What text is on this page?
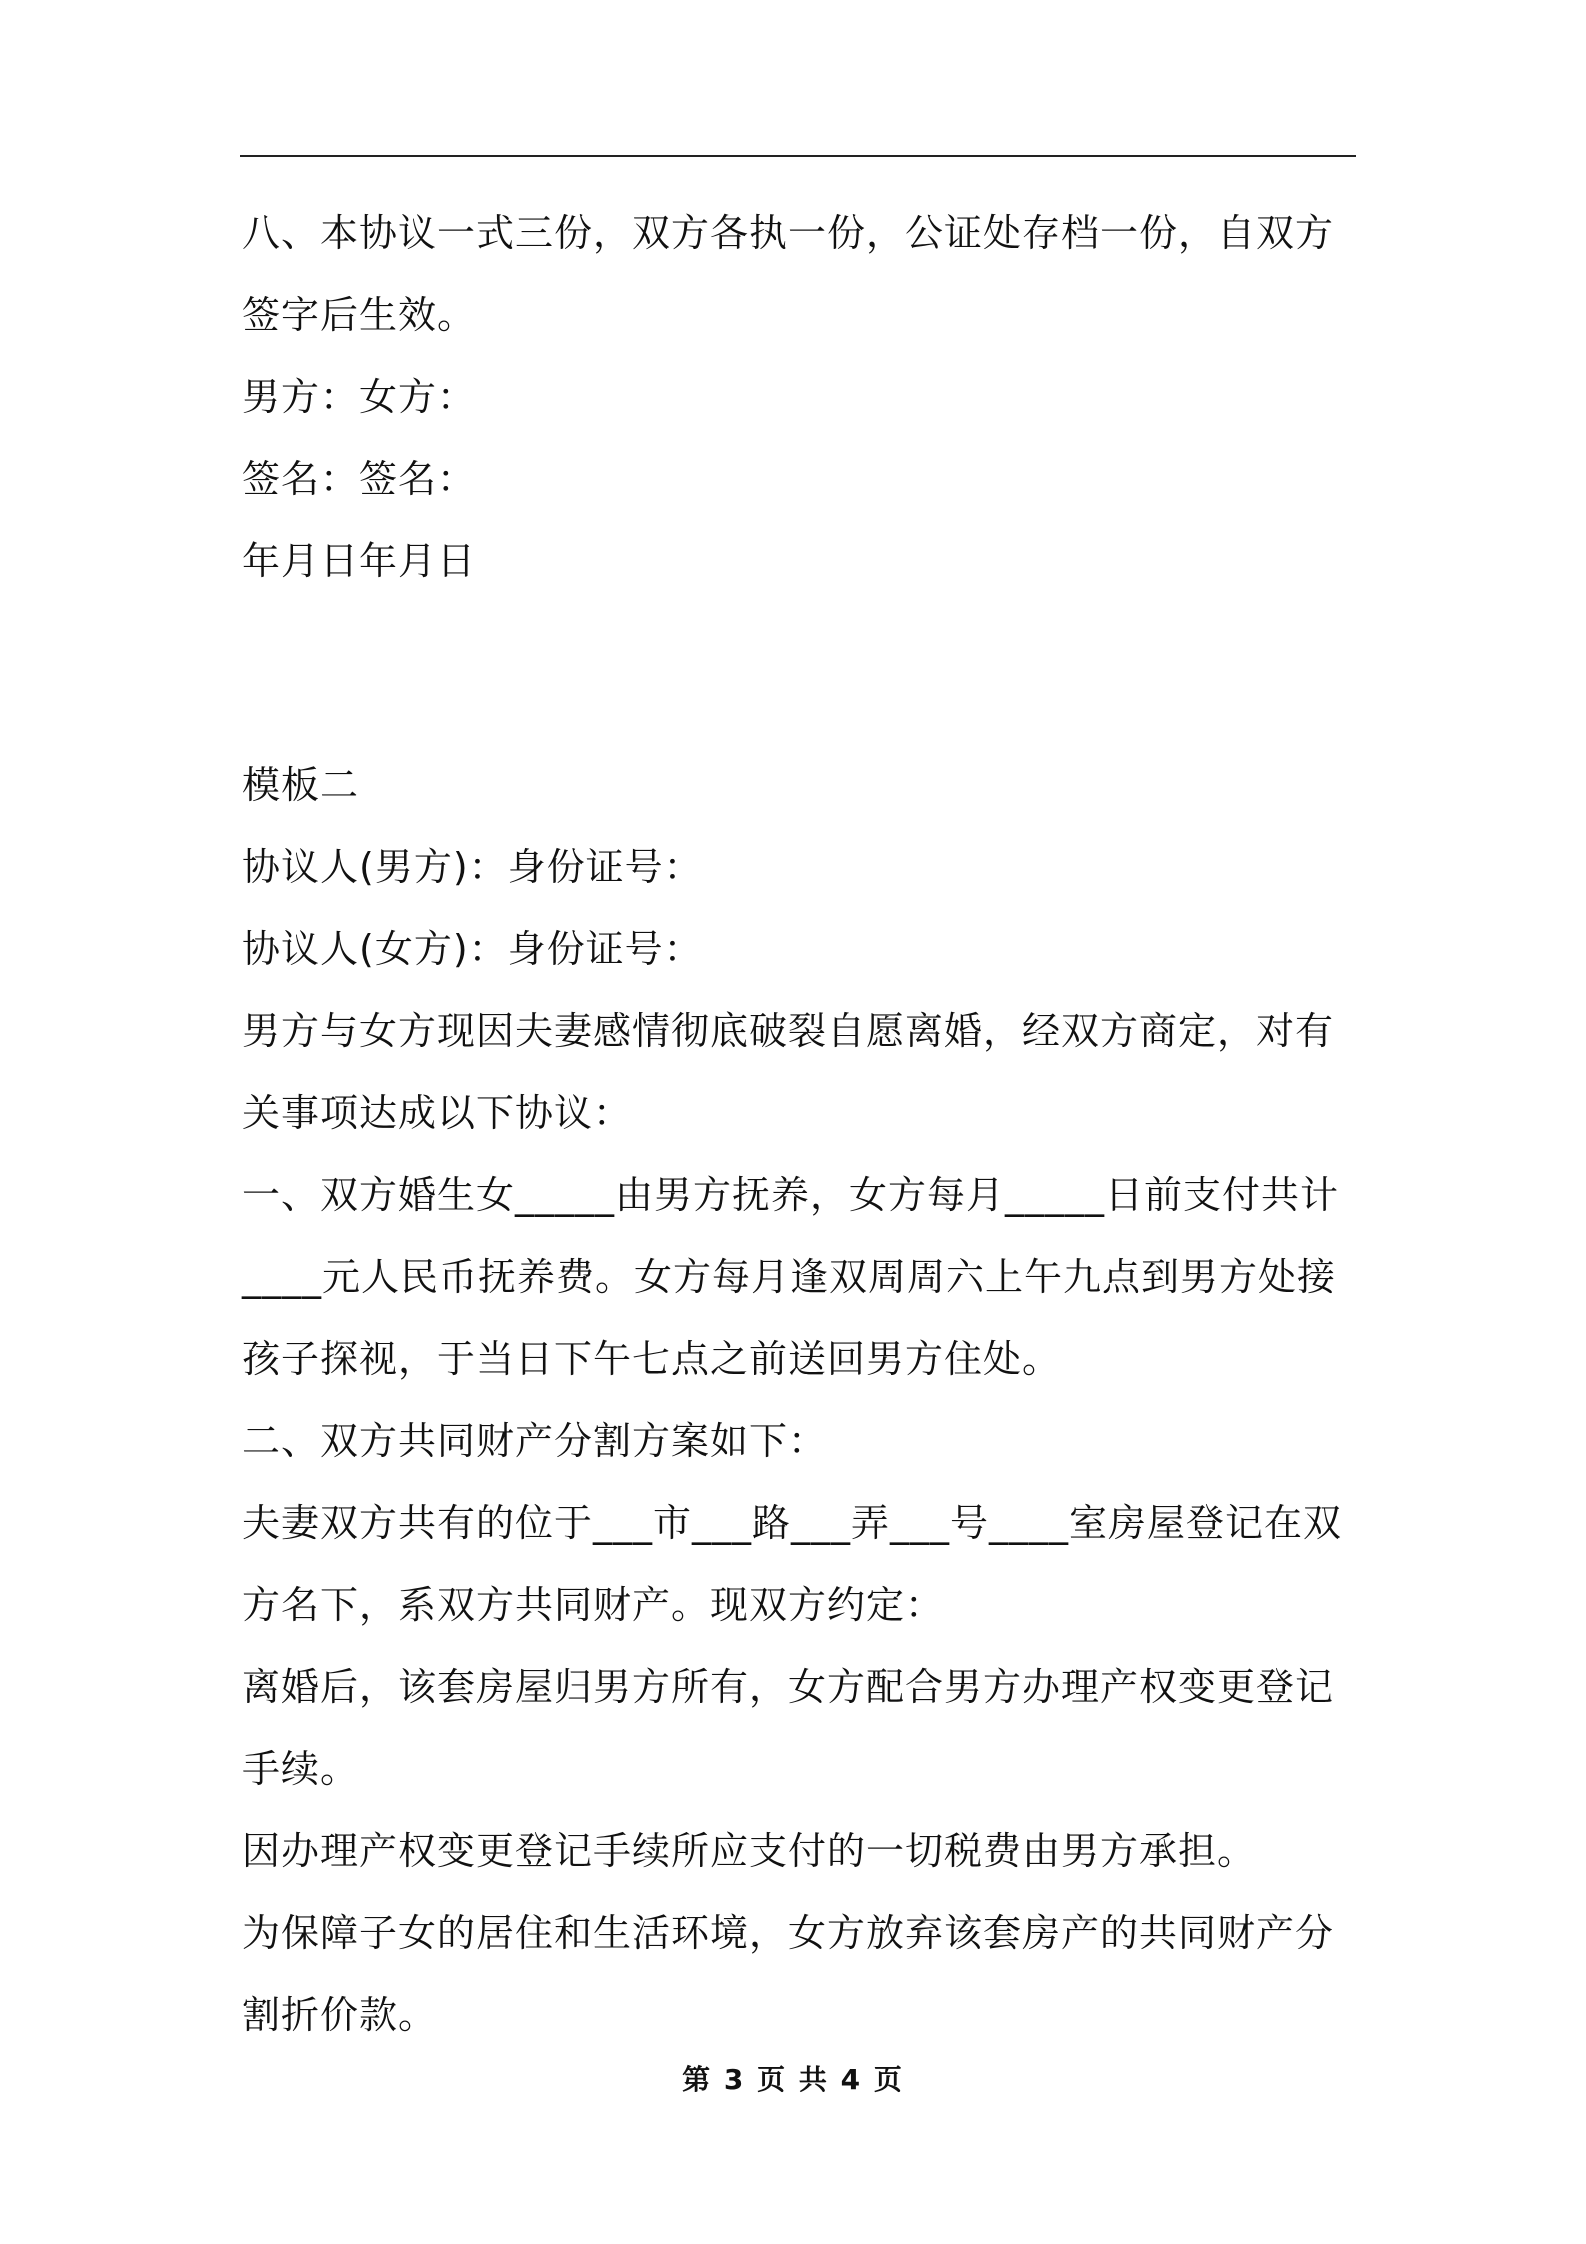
八、本协议一式三份，双方各执一份，公证处存档一份，自双方签字后生效。

男方：女方：

签名：签名：

年月日年月日

模板二

协议人(男方)：身份证号：

协议人(女方)：身份证号：

男方与女方现因夫妻感情彻底破裂自愿离婚，经双方商定，对有关事项达成以下协议：

一、双方婚生女_____由男方抚养，女方每月_____日前支付共计____元人民币抚养费。女方每月逢双周周六上午九点到男方处接孩子探视，于当日下午七点之前送回男方住处。

二、双方共同财产分割方案如下：

夫妻双方共有的位于___市___路___弄___号____室房屋登记在双方名下，系双方共同财产。现双方约定：

离婚后，该套房屋归男方所有，女方配合男方办理产权变更登记手续。

因办理产权变更登记手续所应支付的一切税费由男方承担。

为保障子女的居住和生活环境，女方放弃该套房产的共同财产分割折价款。

第 3 页 共 4 页
